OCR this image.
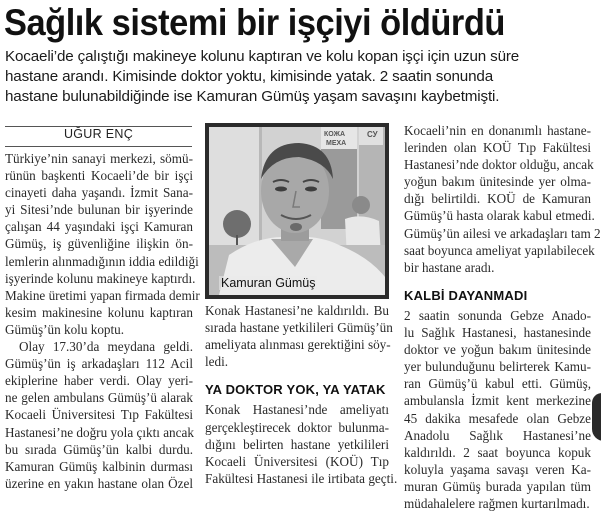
Sağlık sistemi bir işçiyi öldürdü
Kocaeli’de çalıştığı makineye kolunu kaptıran ve kolu kopan işçi için uzun süre
hastane arandı. Kimisinde doktor yoktu, kimisinde yatak. 2 saatin sonunda
hastane bulunabildiğinde ise Kamuran Gümüş yaşam savaşını kaybetmişti.
UĞUR ENÇ
Türkiye’nin sanayi merkezi, sömü-
rünün başkenti Kocaeli’de bir işçi
cinayeti daha yaşandı. İzmit Sana-
yi Sitesi’nde bulunan bir işyerinde
çalışan 44 yaşındaki işçi Kamuran
Gümüş, iş güvenliğine ilişkin ön-
lemlerin alınmadığının iddia edildiği
işyerinde kolunu makineye kaptırdı.
Makine üretimi yapan firmada demir
kesim makinesine kolunu kaptıran
Gümüş’ün kolu koptu.
Olay 17.30’da meydana geldi.
Gümüş’ün iş arkadaşları 112 Acil
ekiplerine haber verdi. Olay yeri-
ne gelen ambulans Gümüş’ü alarak
Kocaeli Üniversitesi Tıp Fakültesi
Hastanesi’ne doğru yola çıktı ancak
bu sırada Gümüş’ün kalbi durdu.
Kamuran Gümüş kalbinin durması
üzerine en yakın hastane olan Özel
КОЖА
МЕХА
СУ
Kamuran Gümüş
Konak Hastanesi’ne kaldırıldı. Bu
sırada hastane yetkilileri Gümüş’ün
ameliyata alınması gerektiğini söy-
ledi.
YA DOKTOR YOK, YA YATAK
Konak Hastanesi’nde ameliyatı
gerçekleştirecek doktor bulunma-
dığını belirten hastane yetkilileri
Kocaeli Üniversitesi (KOÜ) Tıp
Fakültesi Hastanesi ile irtibata geçti.
Kocaeli’nin en donanımlı hastane-
lerinden olan KOÜ Tıp Fakültesi
Hastanesi’nde doktor olduğu, ancak
yoğun bakım ünitesinde yer olma-
dığı belirtildi. KOÜ de Kamuran
Gümüş’ü hasta olarak kabul etmedi.
Gümüş’ün ailesi ve arkadaşları tam 2
saat boyunca ameliyat yapılabilecek
bir hastane aradı.
KALBİ DAYANMADI
2 saatin sonunda Gebze Anado-
lu Sağlık Hastanesi, hastanesinde
doktor ve yoğun bakım ünitesinde
yer bulunduğunu belirterek Kamu-
ran Gümüş’ü kabul etti. Gümüş,
ambulansla İzmit kent merkezine
45 dakika mesafede olan Gebze
Anadolu Sağlık Hastanesi’ne
kaldırıldı. 2 saat boyunca kopuk
koluyla yaşama savaşı veren Ka-
muran Gümüş burada yapılan tüm
müdahalelere rağmen kurtarılmadı.
